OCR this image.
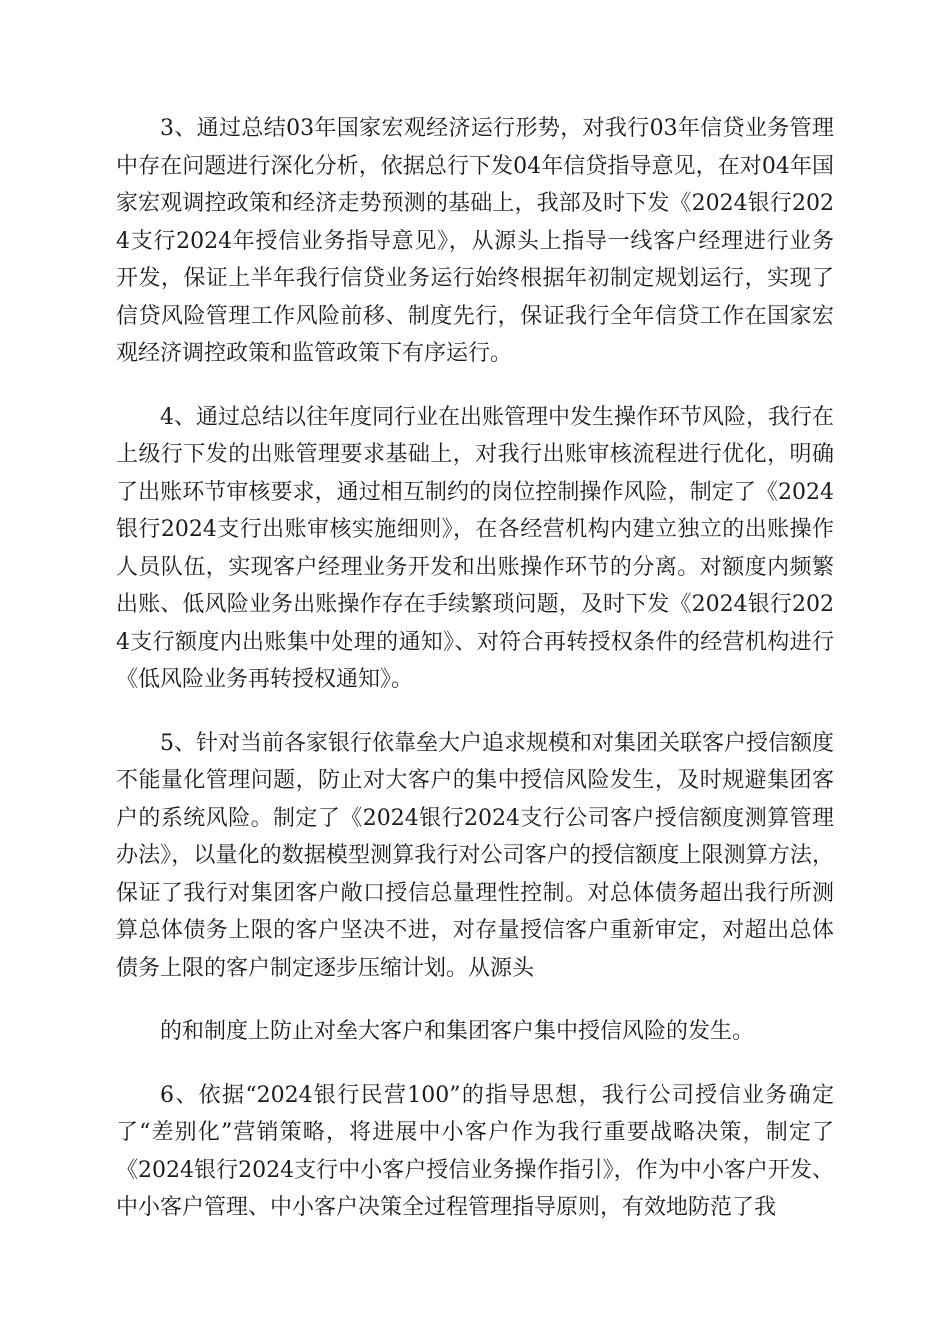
3、通过总结03年国家宏观经济运行形势，对我行03年信贷业务管理中存在问题进行深化分析，依据总行下发04年信贷指导意见，在对04年国家宏观调控政策和经济走势预测的基础上，我部及时下发《2024银行2024支行2024年授信业务指导意见》，从源头上指导一线客户经理进行业务开发，保证上半年我行信贷业务运行始终根据年初制定规划运行，实现了信贷风险管理工作风险前移、制度先行，保证我行全年信贷工作在国家宏观经济调控政策和监管政策下有序运行。

4、通过总结以往年度同行业在出账管理中发生操作环节风险，我行在上级行下发的出账管理要求基础上，对我行出账审核流程进行优化，明确了出账环节审核要求，通过相互制约的岗位控制操作风险，制定了《2024银行2024支行出账审核实施细则》，在各经营机构内建立独立的出账操作人员队伍，实现客户经理业务开发和出账操作环节的分离。对额度内频繁出账、低风险业务出账操作存在手续繁琐问题，及时下发《2024银行2024支行额度内出账集中处理的通知》、对符合再转授权条件的经营机构进行《低风险业务再转授权通知》。

5、针对当前各家银行依靠垒大户追求规模和对集团关联客户授信额度不能量化管理问题，防止对大客户的集中授信风险发生，及时规避集团客户的系统风险。制定了《2024银行2024支行公司客户授信额度测算管理办法》，以量化的数据模型测算我行对公司客户的授信额度上限测算方法，保证了我行对集团客户敞口授信总量理性控制。对总体债务超出我行所测算总体债务上限的客户坚决不进，对存量授信客户重新审定，对超出总体债务上限的客户制定逐步压缩计划。从源头

的和制度上防止对垒大客户和集团客户集中授信风险的发生。

6、依据“2024银行民营100”的指导思想，我行公司授信业务确定了“差别化”营销策略，将进展中小客户作为我行重要战略决策，制定了《2024银行2024支行中小客户授信业务操作指引》，作为中小客户开发、中小客户管理、中小客户决策全过程管理指导原则，有效地防范了我
